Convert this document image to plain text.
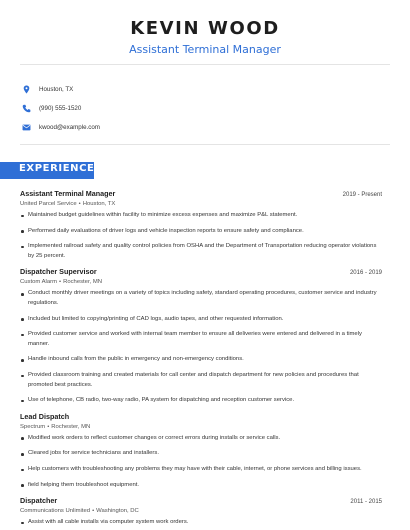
KEVIN WOOD
Assistant Terminal Manager
Houston, TX
(990) 555-1520
kwood@example.com
EXPERIENCE
Assistant Terminal Manager	2019 - Present
United Parcel Service • Houston, TX
Maintained budget guidelines within facility to minimize excess expenses and maximize P&L statement.
Performed daily evaluations of driver logs and vehicle inspection reports to ensure safety and compliance.
Implemented railroad safety and quality control policies from OSHA and the Department of Transportation reducing operator violations by 25 percent.
Dispatcher Supervisor	2016 - 2019
Custom Alarm • Rochester, MN
Conduct monthly driver meetings on a variety of topics including safety, standard operating procedures, customer service and industry regulations.
Included but limited to copying/printing of CAD logs, audio tapes, and other requested information.
Provided customer service and worked with internal team member to ensure all deliveries were entered and delivered in a timely manner.
Handle inbound calls from the public in emergency and non-emergency conditions.
Provided classroom training and created materials for call center and dispatch department for new policies and procedures that promoted best practices.
Use of telephone, CB radio, two-way radio, PA system for dispatching and reception customer service.
Lead Dispatch
Spectrum • Rochester, MN
Modified work orders to reflect customer changes or correct errors during installs or service calls.
Cleared jobs for service technicians and installers.
Help customers with troubleshooting any problems they may have with their cable, internet, or phone services and billing issues.
field helping them troubleshoot equipment.
Dispatcher	2011 - 2015
Communications Unlimited • Washington, DC
Assist with all cable installs via computer system work orders.
